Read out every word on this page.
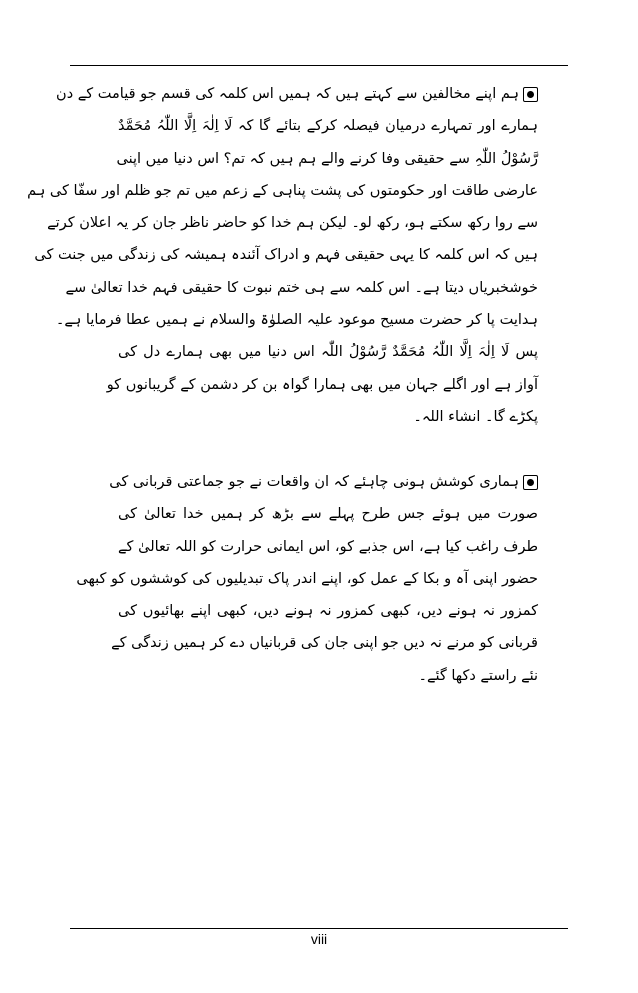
ہم اپنے مخالفین سے کہتے ہیں کہ ہمیں اس کلمہ کی قسم جو قیامت کے دن
ہمارے اور تمہارے درمیان فیصلہ کرکے بتائے گا کہ لَا اِلٰہَ اِلَّا اللّٰہُ مُحَمَّدٌ
رَّسُوْلُ اللّٰہِ سے حقیقی وفا کرنے والے ہم ہیں کہ تم؟ اس دنیا میں اپنی
عارضی طاقت اور حکومتوں کی پشت پناہی کے زعم میں تم جو ظلم اور سفّا کی ہم
سے روا رکھ سکتے ہو، رکھ لو۔ لیکن ہم خدا کو حاضر ناظر جان کر یہ اعلان کرتے
ہیں کہ اس کلمہ کا یہی حقیقی فہم و ادراک آئندہ ہمیشہ کی زندگی میں جنت کی
خوشخبریاں دیتا ہے۔ اس کلمہ سے ہی ختم نبوت کا حقیقی فہم خدا تعالیٰ سے
ہدایت پا کر حضرت مسیح موعود علیہ الصلوٰۃ والسلام نے ہمیں عطا فرمایا ہے۔
پس لَا اِلٰہَ اِلَّا اللّٰہُ مُحَمَّدٌ رَّسُوْلُ اللّٰہ اس دنیا میں بھی ہمارے دل کی
آواز ہے اور اگلے جہان میں بھی ہمارا گواہ بن کر دشمن کے گریبانوں کو
پکڑے گا۔ انشاء اللہ۔
ہماری کوشش ہونی چاہئے کہ ان واقعات نے جو جماعتی قربانی کی
صورت میں ہوئے جس طرح پہلے سے بڑھ کر ہمیں خدا تعالیٰ کی
طرف راغب کیا ہے، اس جذبے کو، اس ایمانی حرارت کو اللہ تعالیٰ کے
حضور اپنی آہ و بکا کے عمل کو، اپنے اندر پاک تبدیلیوں کی کوششوں کو کبھی
کمزور نہ ہونے دیں، کبھی کمزور نہ ہونے دیں، کبھی اپنے بھائیوں کی
قربانی کو مرنے نہ دیں جو اپنی جان کی قربانیاں دے کر ہمیں زندگی کے
نئے راستے دکھا گئے۔
viii
